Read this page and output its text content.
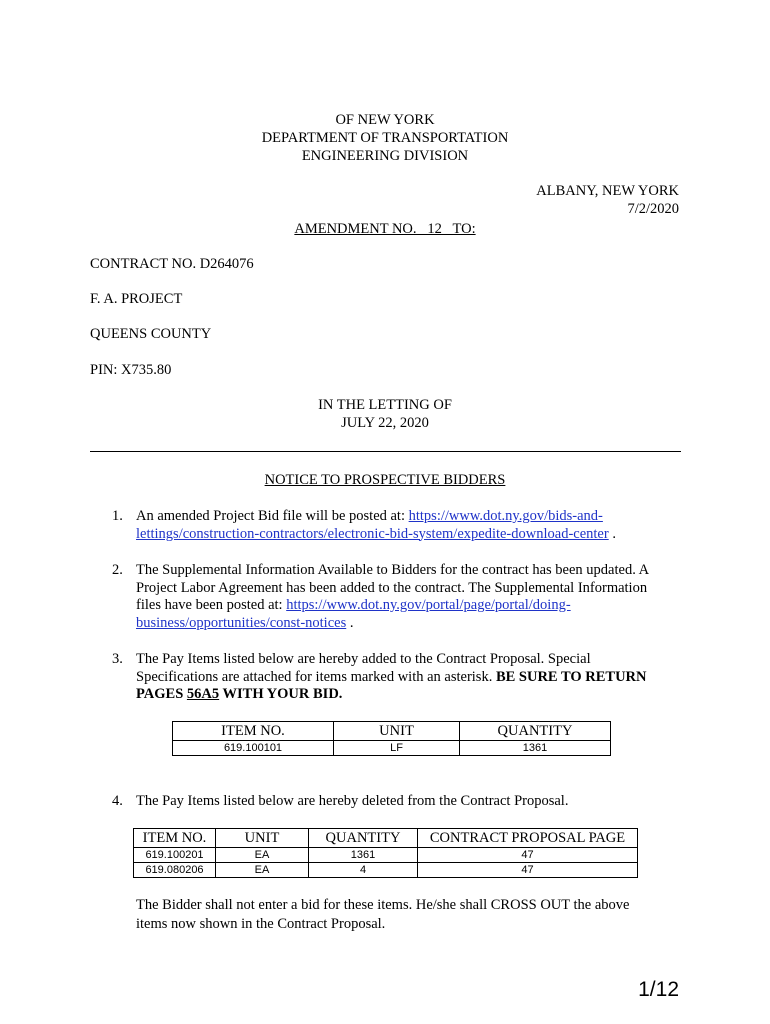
OF NEW YORK
DEPARTMENT OF TRANSPORTATION
ENGINEERING DIVISION
ALBANY, NEW YORK
7/2/2020
AMENDMENT NO.   12   TO:
CONTRACT NO. D264076
F. A. PROJECT
QUEENS COUNTY
PIN: X735.80
IN THE LETTING OF
JULY 22, 2020
NOTICE TO PROSPECTIVE BIDDERS
1. An amended Project Bid file will be posted at: https://www.dot.ny.gov/bids-and-
lettings/construction-contractors/electronic-bid-system/expedite-download-center .
2. The Supplemental Information Available to Bidders for the contract has been updated. A
Project Labor Agreement has been added to the contract. The Supplemental Information
files have been posted at: https://www.dot.ny.gov/portal/page/portal/doing-
business/opportunities/const-notices .
3. The Pay Items listed below are hereby added to the Contract Proposal. Special
Specifications are attached for items marked with an asterisk. BE SURE TO RETURN
PAGES 56A5 WITH YOUR BID.
ITEM NO.	UNIT	QUANTITY
619.100101	LF	1361
4. The Pay Items listed below are hereby deleted from the Contract Proposal.
ITEM NO.	UNIT	QUANTITY	CONTRACT PROPOSAL PAGE
619.100201	EA	1361	47
619.080206	EA	4	47
The Bidder shall not enter a bid for these items. He/she shall CROSS OUT the above
items now shown in the Contract Proposal.
1/12
